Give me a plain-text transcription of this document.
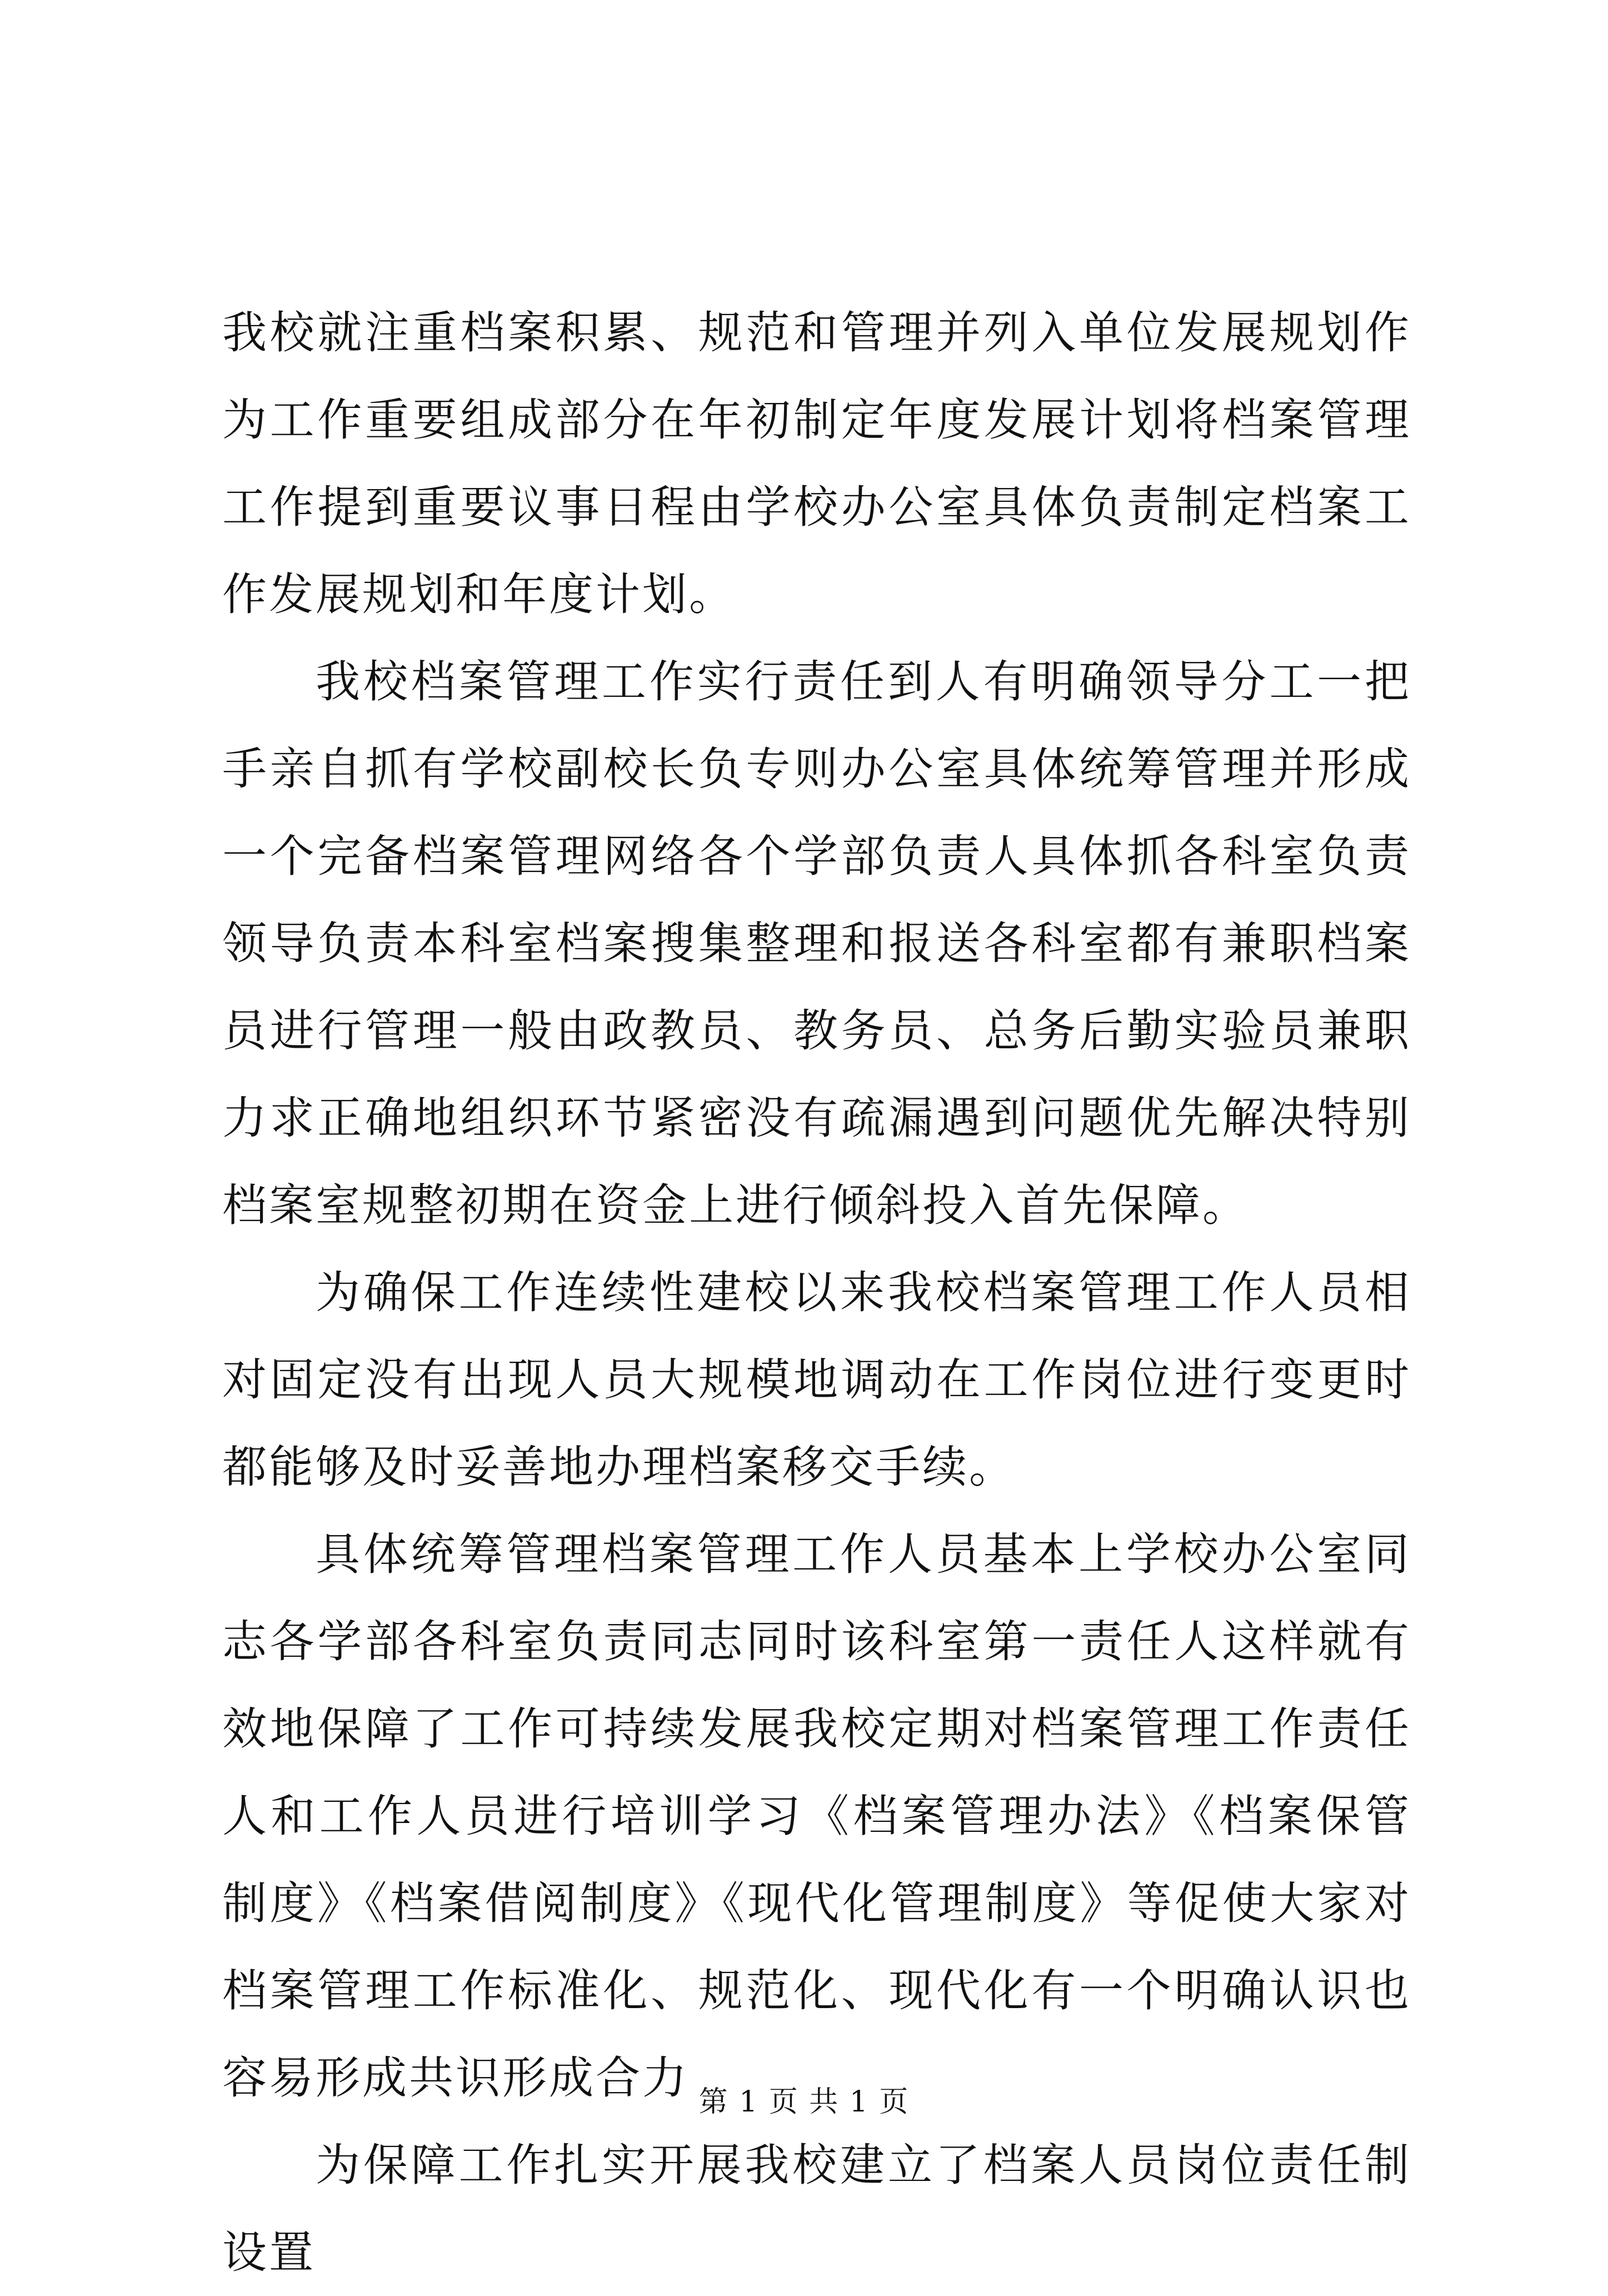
我校就注重档案积累、规范和管理并列入单位发展规划作为工作重要组成部分在年初制定年度发展计划将档案管理工作提到重要议事日程由学校办公室具体负责制定档案工作发展规划和年度计划。

我校档案管理工作实行责任到人有明确领导分工一把手亲自抓有学校副校长负专则办公室具体统筹管理并形成一个完备档案管理网络各个学部负责人具体抓各科室负责领导负责本科室档案搜集整理和报送各科室都有兼职档案员进行管理一般由政教员、教务员、总务后勤实验员兼职力求正确地组织环节紧密没有疏漏遇到问题优先解决特别档案室规整初期在资金上进行倾斜投入首先保障。

为确保工作连续性建校以来我校档案管理工作人员相对固定没有出现人员大规模地调动在工作岗位进行变更时都能够及时妥善地办理档案移交手续。

具体统筹管理档案管理工作人员基本上学校办公室同志各学部各科室负责同志同时该科室第一责任人这样就有效地保障了工作可持续发展我校定期对档案管理工作责任人和工作人员进行培训学习《档案管理办法》《档案保管制度》《档案借阅制度》《现代化管理制度》等促使大家对档案管理工作标准化、规范化、现代化有一个明确认识也容易形成共识形成合力

为保障工作扎实开展我校建立了档案人员岗位责任制设置

第 1 页 共 1 页
